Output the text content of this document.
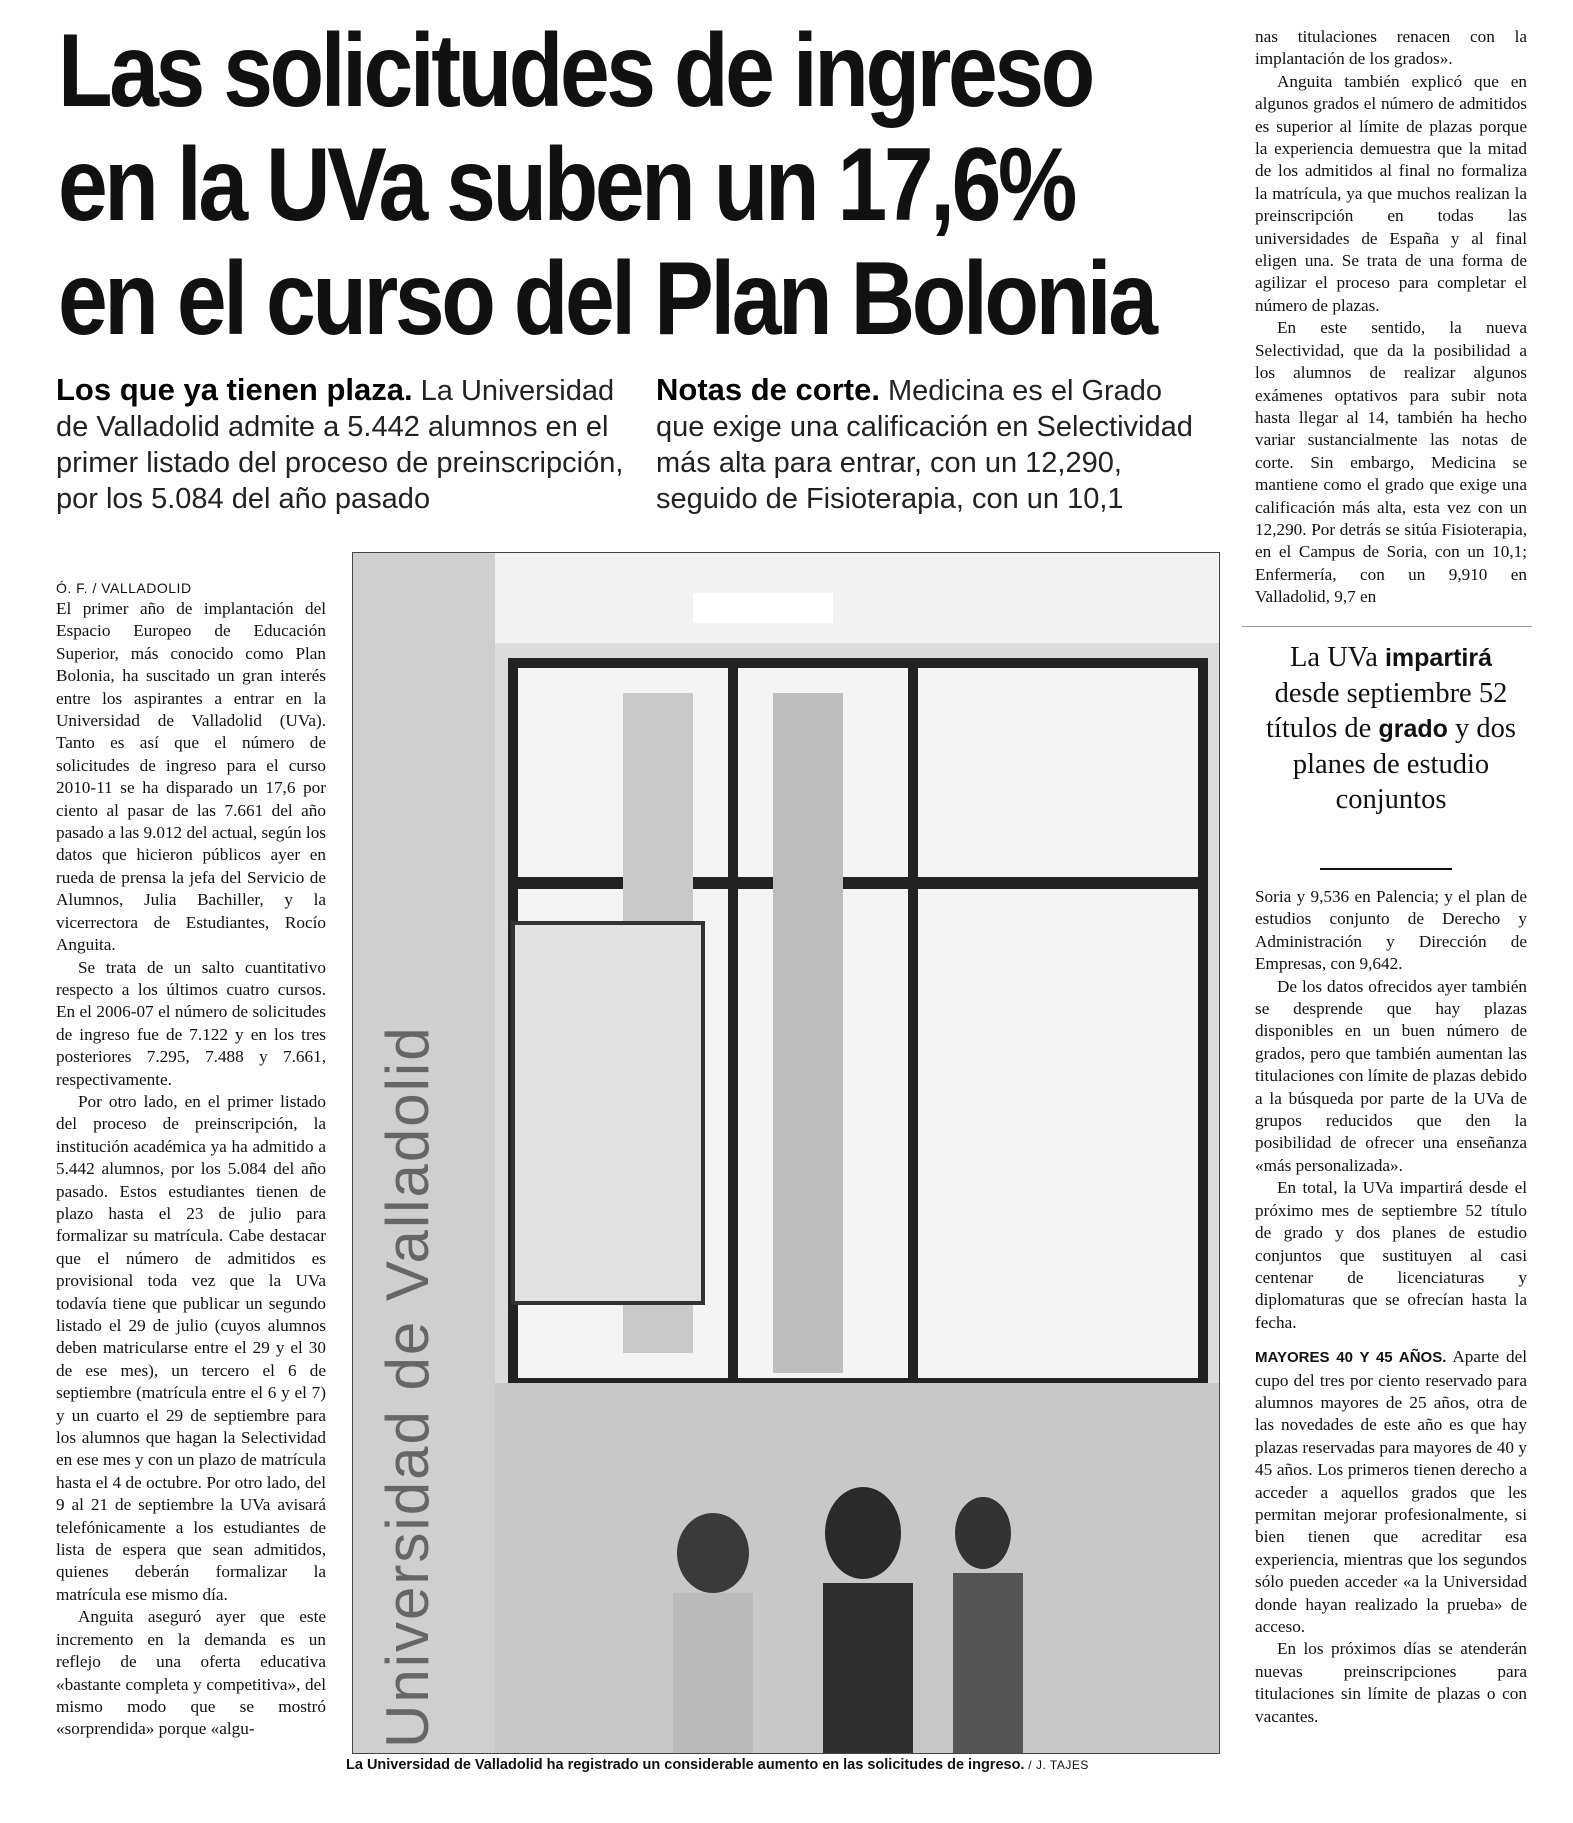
Las solicitudes de ingreso
en la UVa suben un 17,6%
en el curso del Plan Bolonia
Los que ya tienen plaza. La Universidad de Valladolid admite a 5.442 alumnos en el primer listado del proceso de preinscripción, por los 5.084 del año pasado
Notas de corte. Medicina es el Grado que exige una calificación en Selectividad más alta para entrar, con un 12,290, seguido de Fisioterapia, con un 10,1
Ó. F. / VALLADOLID

El primer año de implantación del Espacio Europeo de Educación Superior, más conocido como Plan Bolonia, ha suscitado un gran interés entre los aspirantes a entrar en la Universidad de Valladolid (UVa). Tanto es así que el número de solicitudes de ingreso para el curso 2010-11 se ha disparado un 17,6 por ciento al pasar de las 7.661 del año pasado a las 9.012 del actual, según los datos que hicieron públicos ayer en rueda de prensa la jefa del Servicio de Alumnos, Julia Bachiller, y la vicerrectora de Estudiantes, Rocío Anguita.

Se trata de un salto cuantitativo respecto a los últimos cuatro cursos. En el 2006-07 el número de solicitudes de ingreso fue de 7.122 y en los tres posteriores 7.295, 7.488 y 7.661, respectivamente.

Por otro lado, en el primer listado del proceso de preinscripción, la institución académica ya ha admitido a 5.442 alumnos, por los 5.084 del año pasado. Estos estudiantes tienen de plazo hasta el 23 de julio para formalizar su matrícula. Cabe destacar que el número de admitidos es provisional toda vez que la UVa todavía tiene que publicar un segundo listado el 29 de julio (cuyos alumnos deben matricularse entre el 29 y el 30 de ese mes), un tercero el 6 de septiembre (matrícula entre el 6 y el 7) y un cuarto el 29 de septiembre para los alumnos que hagan la Selectividad en ese mes y con un plazo de matrícula hasta el 4 de octubre. Por otro lado, del 9 al 21 de septiembre la UVa avisará telefónicamente a los estudiantes de lista de espera que sean admitidos, quienes deberán formalizar la matrícula ese mismo día.

Anguita aseguró ayer que este incremento en la demanda es un reflejo de una oferta educativa «bastante completa y competitiva», del mismo modo que se mostró «sorprendida» porque «algu-	Universidad de Valladolid
La Universidad de Valladolid ha registrado un considerable aumento en las solicitudes de ingreso. / J. TAJES

nas titulaciones renacen con la implantación de los grados».

Anguita también explicó que en algunos grados el número de admitidos es superior al límite de plazas porque la experiencia demuestra que la mitad de los admitidos al final no formaliza la matrícula, ya que muchos realizan la preinscripción en todas las universidades de España y al final eligen una. Se trata de una forma de agilizar el proceso para completar el número de plazas.

En este sentido, la nueva Selectividad, que da la posibilidad a los alumnos de realizar algunos exámenes optativos para subir nota hasta llegar al 14, también ha hecho variar sustancialmente las notas de corte. Sin embargo, Medicina se mantiene como el grado que exige una calificación más alta, esta vez con un 12,290. Por detrás se sitúa Fisioterapia, en el Campus de Soria, con un 10,1; Enfermería, con un 9,910 en Valladolid, 9,7 en

La UVa impartirá desde septiembre 52 títulos de grado y dos planes de estudio conjuntos

Soria y 9,536 en Palencia; y el plan de estudios conjunto de Derecho y Administración y Dirección de Empresas, con 9,642.

De los datos ofrecidos ayer también se desprende que hay plazas disponibles en un buen número de grados, pero que también aumentan las titulaciones con límite de plazas debido a la búsqueda por parte de la UVa de grupos reducidos que den la posibilidad de ofrecer una enseñanza «más personalizada».

En total, la UVa impartirá desde el próximo mes de septiembre 52 título de grado y dos planes de estudio conjuntos que sustituyen al casi centenar de licenciaturas y diplomaturas que se ofrecían hasta la fecha.

MAYORES 40 Y 45 AÑOS. Aparte del cupo del tres por ciento reservado para alumnos mayores de 25 años, otra de las novedades de este año es que hay plazas reservadas para mayores de 40 y 45 años. Los primeros tienen derecho a acceder a aquellos grados que les permitan mejorar profesionalmente, si bien tienen que acreditar esa experiencia, mientras que los segundos sólo pueden acceder «a la Universidad donde hayan realizado la prueba» de acceso.

En los próximos días se atenderán nuevas preinscripciones para titulaciones sin límite de plazas o con vacantes.
